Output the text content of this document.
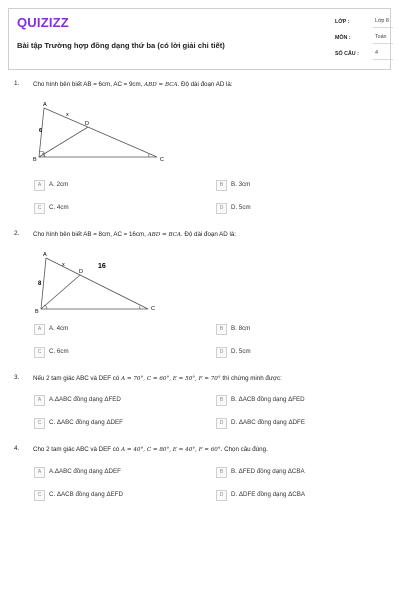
QUIZIZZ
Bài tập Trường hợp đồng dạng thứ ba (có lời giải chi tiết)
LỚP :	Lớp 8
MÔN :	Toán
SỐ CÂU :	4
1. Cho hình bên biết AB = 6cm, AC = 9cm, ABD = BCA. Độ dài đoạn AD là:
A
B	C
D
x
6
A	A. 2cm	B	B. 3cm
C	C. 4cm	D	D. 5cm
2. Cho hình bên biết AB = 8cm, AC = 16cm, ABD = BCA. Độ dài đoạn AD là:
A
B	C
D
x
8
16
A	A. 4cm	B	B. 8cm
C	C. 6cm	D	D. 5cm
3. Nếu 2 tam giác ABC và DEF có A = 70°, C = 60°, E = 50°, F = 70° thì chứng minh được:
A	A.ΔABC đồng dạng ΔFED	B	B. ΔACB đồng dạng ΔFED
C	C. ΔABC đồng dạng ΔDEF	D	D. ΔABC đồng dạng ΔDFE
4. Cho 2 tam giác ABC và DEF có A = 40°, C = 80°, E = 40°, F = 60°. Chọn câu đúng.
A	A.ΔABC đồng dạng ΔDEF	B	B. ΔFED đồng dạng ΔCBA
C	C. ΔACB đồng dạng ΔEFD	D	D. ΔDFE đồng dạng ΔCBA
